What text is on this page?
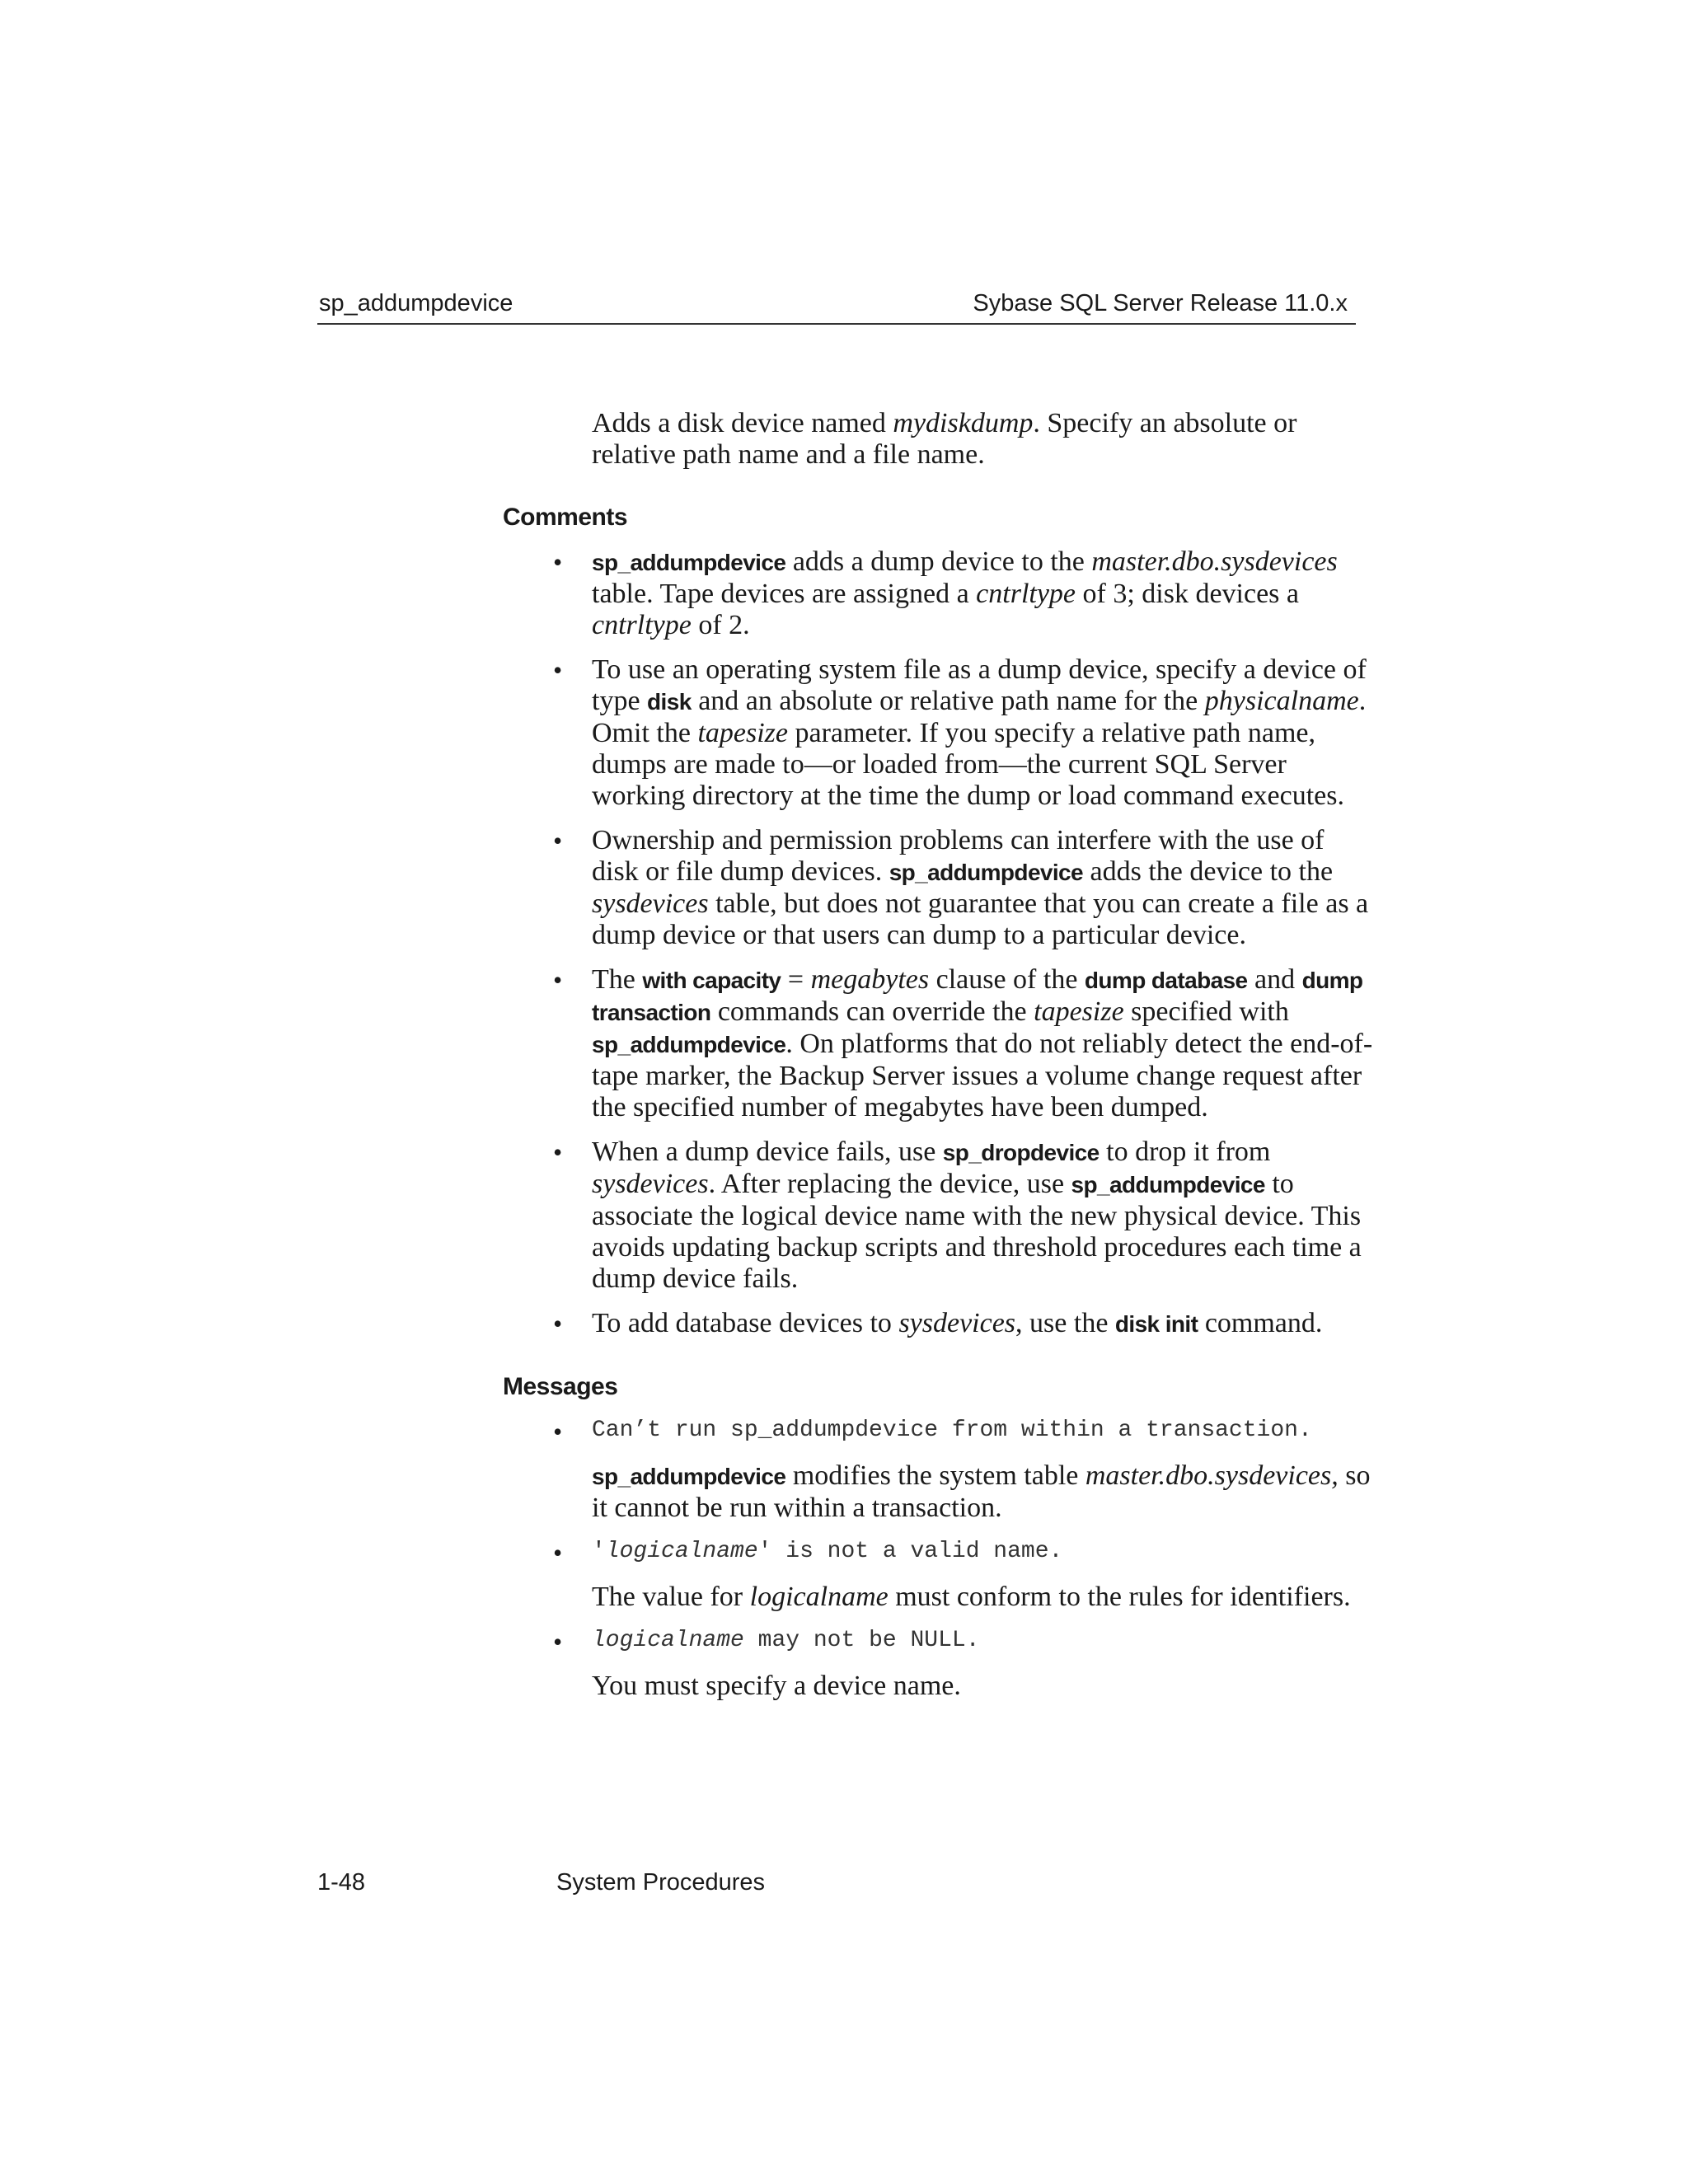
sp_addumpdevice	Sybase SQL Server Release 11.0.x

Adds a disk device named mydiskdump. Specify an absolute or relative path name and a file name.

Comments
• sp_addumpdevice adds a dump device to the master.dbo.sysdevices table. Tape devices are assigned a cntrltype of 3; disk devices a cntrltype of 2.
• To use an operating system file as a dump device, specify a device of type disk and an absolute or relative path name for the physicalname. Omit the tapesize parameter. If you specify a relative path name, dumps are made to—or loaded from—the current SQL Server working directory at the time the dump or load command executes.
• Ownership and permission problems can interfere with the use of disk or file dump devices. sp_addumpdevice adds the device to the sysdevices table, but does not guarantee that you can create a file as a dump device or that users can dump to a particular device.
• The with capacity = megabytes clause of the dump database and dump transaction commands can override the tapesize specified with sp_addumpdevice. On platforms that do not reliably detect the end-of-tape marker, the Backup Server issues a volume change request after the specified number of megabytes have been dumped.
• When a dump device fails, use sp_dropdevice to drop it from sysdevices. After replacing the device, use sp_addumpdevice to associate the logical device name with the new physical device. This avoids updating backup scripts and threshold procedures each time a dump device fails.
• To add database devices to sysdevices, use the disk init command.
Messages
• Can’t run sp_addumpdevice from within a transaction.
sp_addumpdevice modifies the system table master.dbo.sysdevices, so it cannot be run within a transaction.
• 'logicalname' is not a valid name.
The value for logicalname must conform to the rules for identifiers.
• logicalname may not be NULL.
You must specify a device name.
1-48	System Procedures
